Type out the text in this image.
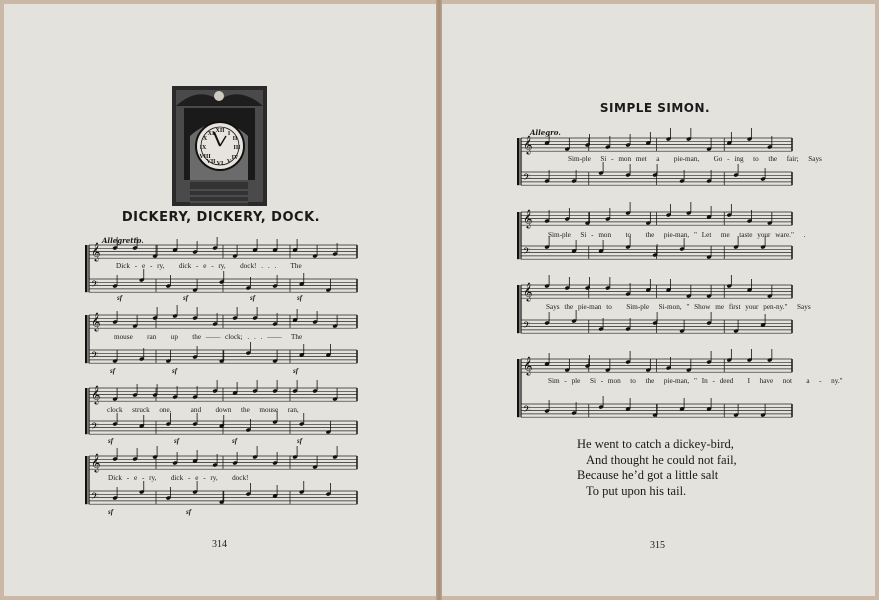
XII
III
VI
IX
I
II
IV
V
VII
VIII
X
XI
𝄞
𝄢
𝄞
𝄢
𝄞
𝄢
𝄞
𝄢
𝄞
𝄢
𝄞
𝄢
𝄞
𝄢
𝄞
𝄢
DICKERY, DICKERY, DOCK.
Allegretto.
Dick - e - ry,   dick - e - ry,   dock! . . .   The
mouse   ran   up   the —— clock; . . . ——  The
clock  struck  one,    and   down  the  mouse  ran,
Dick - e - ry,   dick - e - ry,   dock!
sf	sf	sf	sf
sf	sf
sf	sf	sf	sf
sf	sf
sf
314
SIMPLE SIMON.
Allegro.
Sim-ple  Si - mon met  a   pie-man,   Go - ing  to  the  fair;  Says
Sim-ple  Si - mon   to   the  pie-man, " Let  me  taste your ware."  .
Says the pie-man to   Sim-ple  Si-mon, " Show me first your pen-ny."  Says
Sim - ple  Si - mon  to  the  pie-man, " In - deed   I  have  not   a  -  ny."
He went to catch a dickey-bird,
And thought he could not fail,
Because he’d got a little salt
To put upon his tail.
315
